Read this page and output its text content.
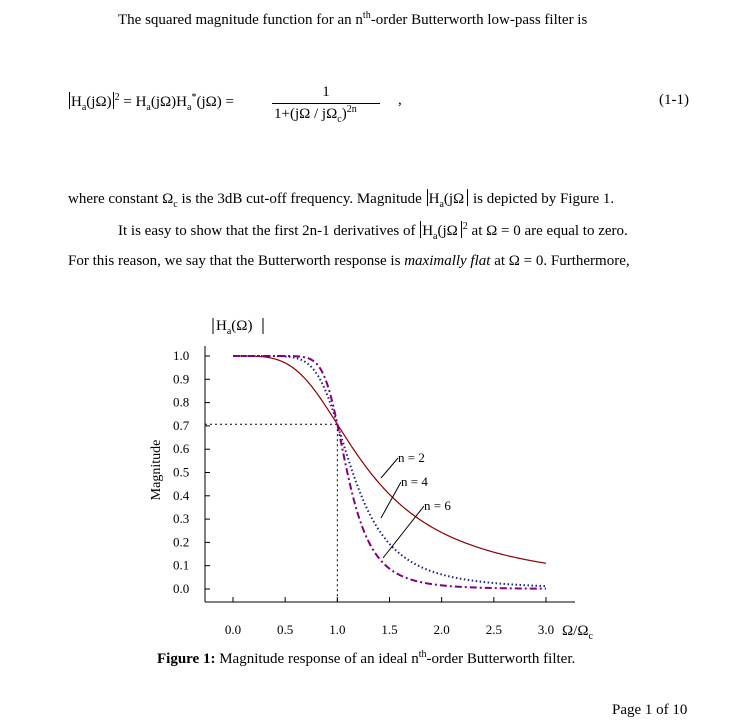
The squared magnitude function for an $n^{th}$-order Butterworth low-pass filter is
$H_a(j\Omega) ^2 = H_a(j\Omega)H_a^*(j\Omega)$ =
1
$1+(j\Omega / j\Omega_c)^{2n}$
,	(1-1)
where constant $\Omega_c$ is the 3dB cut-off frequency. Magnitude $H_a(j\Omega$ is depicted by Figure 1.
It is easy to show that the first 2n-1 derivatives of $H_a(j\Omega$ $^2$ at Ω = 0 are equal to zero.
For this reason, we say that the Butterworth response is maximally flat at Ω = 0. Furthermore,
1.0
0.9
0.8
0.7
0.6
0.5
0.4
0.3
0.2
0.1
0.0
0.0	0.5	1.0	1.5	2.0	2.5	3.0 $\Omega/\Omega_c$
Magnitude
$H_a(\Omega)$
n = 2
n = 4
n = 6
Figure 1: Magnitude response of an ideal $n^{th}$-order Butterworth filter.
Page 1 of 10
